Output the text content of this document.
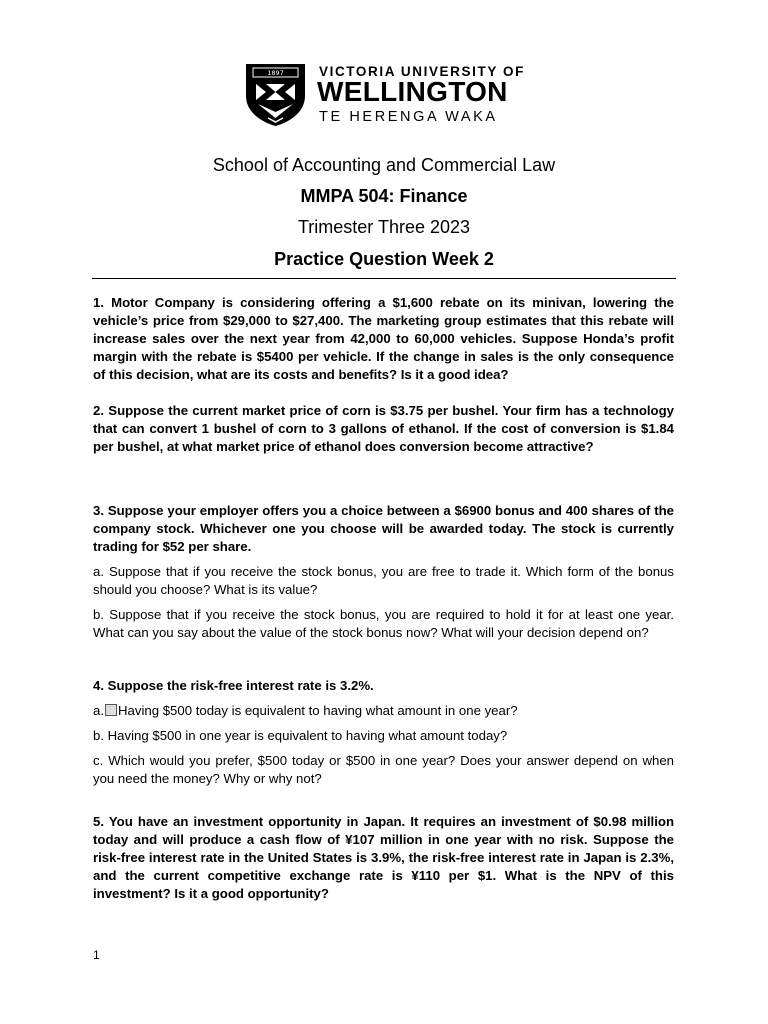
1897	VICTORIA UNIVERSITY OF
WELLINGTON
TE HERENGA WAKA
School of Accounting and Commercial Law
MMPA 504: Finance
Trimester Three 2023
Practice Question Week 2
1. Motor Company is considering offering a $1,600 rebate on its minivan, lowering the vehicle’s price from $29,000 to $27,400. The marketing group estimates that this rebate will increase sales over the next year from 42,000 to 60,000 vehicles. Suppose Honda’s profit margin with the rebate is $5400 per vehicle. If the change in sales is the only consequence of this decision, what are its costs and benefits? Is it a good idea?
2. Suppose the current market price of corn is $3.75 per bushel. Your firm has a technology that can convert 1 bushel of corn to 3 gallons of ethanol. If the cost of conversion is $1.84 per bushel, at what market price of ethanol does conversion become attractive?
3. Suppose your employer offers you a choice between a $6900 bonus and 400 shares of the company stock. Whichever one you choose will be awarded today. The stock is currently trading for $52 per share.
a. Suppose that if you receive the stock bonus, you are free to trade it. Which form of the bonus should you choose? What is its value?
b. Suppose that if you receive the stock bonus, you are required to hold it for at least one year. What can you say about the value of the stock bonus now? What will your decision depend on?
4. Suppose the risk-free interest rate is 3.2%.
a. Having $500 today is equivalent to having what amount in one year?
b. Having $500 in one year is equivalent to having what amount today?
c. Which would you prefer, $500 today or $500 in one year? Does your answer depend on when you need the money? Why or why not?
5. You have an investment opportunity in Japan. It requires an investment of $0.98 million today and will produce a cash flow of ¥107 million in one year with no risk. Suppose the risk-free interest rate in the United States is 3.9%, the risk-free interest rate in Japan is 2.3%, and the current competitive exchange rate is ¥110 per $1. What is the NPV of this investment? Is it a good opportunity?
1
